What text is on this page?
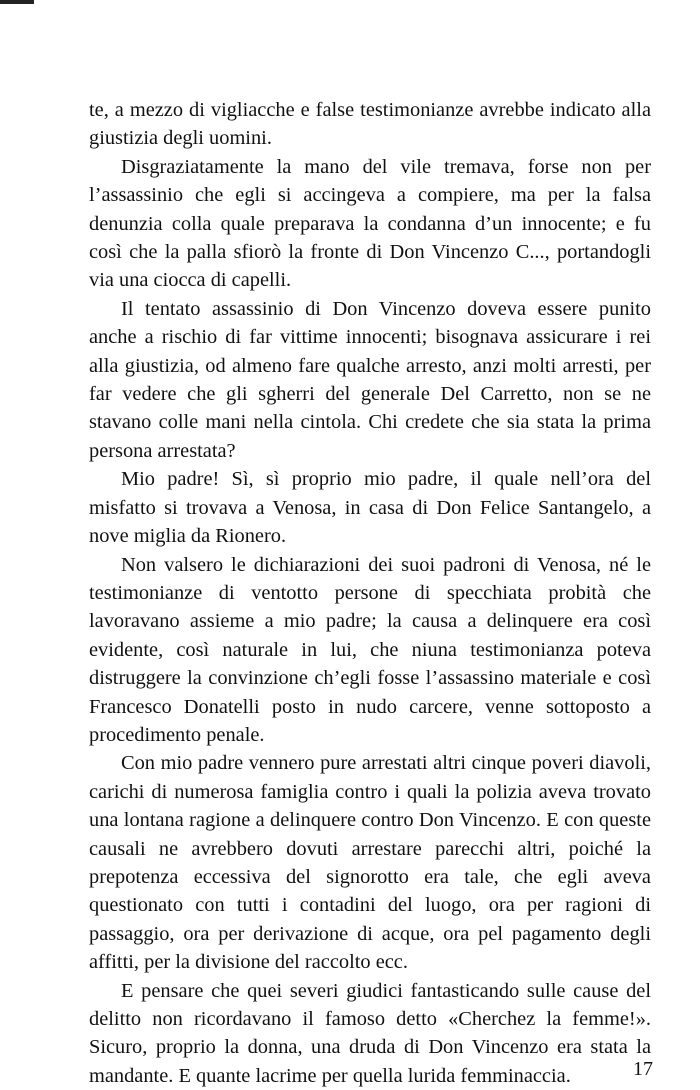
te, a mezzo di vigliacche e false testimonianze avrebbe indicato alla giustizia degli uomini.

Disgraziatamente la mano del vile tremava, forse non per l’assassinio che egli si accingeva a compiere, ma per la falsa denunzia colla quale preparava la condanna d’un innocente; e fu così che la palla sfiorò la fronte di Don Vincenzo C..., portandogli via una ciocca di capelli.

Il tentato assassinio di Don Vincenzo doveva essere punito anche a rischio di far vittime innocenti; bisognava assicurare i rei alla giustizia, od almeno fare qualche arresto, anzi molti arresti, per far vedere che gli sgherri del generale Del Carretto, non se ne stavano colle mani nella cintola. Chi credete che sia stata la prima persona arrestata?

Mio padre! Sì, sì proprio mio padre, il quale nell’ora del misfatto si trovava a Venosa, in casa di Don Felice Santangelo, a nove miglia da Rionero.

Non valsero le dichiarazioni dei suoi padroni di Venosa, né le testimonianze di ventotto persone di specchiata probità che lavoravano assieme a mio padre; la causa a delinquere era così evidente, così naturale in lui, che niuna testimonianza poteva distruggere la convinzione ch’egli fosse l’assassino materiale e così Francesco Donatelli posto in nudo carcere, venne sottoposto a procedimento penale.

Con mio padre vennero pure arrestati altri cinque poveri diavoli, carichi di numerosa famiglia contro i quali la polizia aveva trovato una lontana ragione a delinquere contro Don Vincenzo. E con queste causali ne avrebbero dovuti arrestare parecchi altri, poiché la prepotenza eccessiva del signorotto era tale, che egli aveva questionato con tutti i contadini del luogo, ora per ragioni di passaggio, ora per derivazione di acque, ora pel pagamento degli affitti, per la divisione del raccolto ecc.

E pensare che quei severi giudici fantasticando sulle cause del delitto non ricordavano il famoso detto «Cherchez la femme!». Sicuro, proprio la donna, una druda di Don Vincenzo era stata la mandante. E quante lacrime per quella lurida femminaccia.	17
